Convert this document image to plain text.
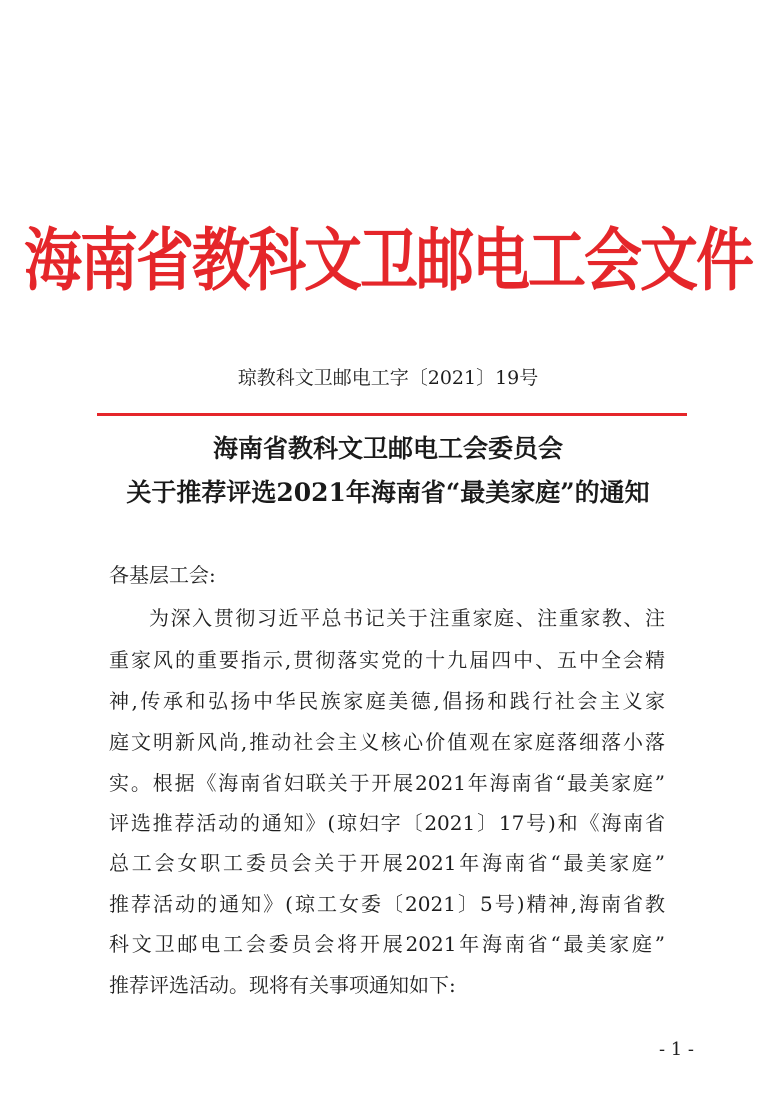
海南省教科文卫邮电工会文件
琼教科文卫邮电工字〔2021〕19号
海南省教科文卫邮电工会委员会
关于推荐评选2021年海南省“最美家庭”的通知
各基层工会:
为深入贯彻习近平总书记关于注重家庭、注重家教、注
重家风的重要指示,贯彻落实党的十九届四中、五中全会精
神,传承和弘扬中华民族家庭美德,倡扬和践行社会主义家
庭文明新风尚,推动社会主义核心价值观在家庭落细落小落
实。根据《海南省妇联关于开展2021年海南省“最美家庭”
评选推荐活动的通知》(琼妇字〔2021〕17号)和《海南省
总工会女职工委员会关于开展2021年海南省“最美家庭”
推荐活动的通知》(琼工女委〔2021〕5号)精神,海南省教
科文卫邮电工会委员会将开展2021年海南省“最美家庭”
推荐评选活动。现将有关事项通知如下:
- 1 -
